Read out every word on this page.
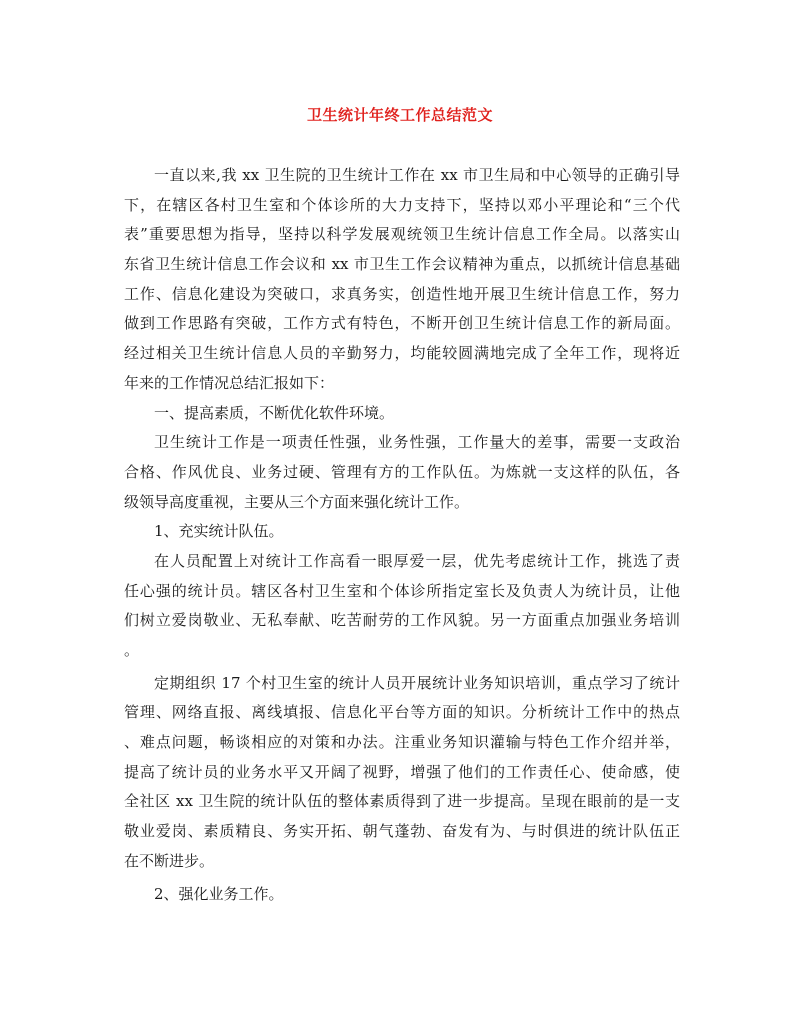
卫生统计年终工作总结范文
一直以来,我 xx 卫生院的卫生统计工作在 xx 市卫生局和中心领导的正确引导
下，在辖区各村卫生室和个体诊所的大力支持下，坚持以邓小平理论和“三个代
表”重要思想为指导，坚持以科学发展观统领卫生统计信息工作全局。以落实山
东省卫生统计信息工作会议和 xx 市卫生工作会议精神为重点，以抓统计信息基础
工作、信息化建设为突破口，求真务实，创造性地开展卫生统计信息工作，努力
做到工作思路有突破，工作方式有特色，不断开创卫生统计信息工作的新局面。
经过相关卫生统计信息人员的辛勤努力，均能较圆满地完成了全年工作，现将近
年来的工作情况总结汇报如下：
一、提高素质，不断优化软件环境。
卫生统计工作是一项责任性强，业务性强，工作量大的差事，需要一支政治
合格、作风优良、业务过硬、管理有方的工作队伍。为炼就一支这样的队伍，各
级领导高度重视，主要从三个方面来强化统计工作。
1、充实统计队伍。
在人员配置上对统计工作高看一眼厚爱一层，优先考虑统计工作，挑选了责
任心强的统计员。辖区各村卫生室和个体诊所指定室长及负责人为统计员，让他
们树立爱岗敬业、无私奉献、吃苦耐劳的工作风貌。另一方面重点加强业务培训
。
定期组织 17 个村卫生室的统计人员开展统计业务知识培训，重点学习了统计
管理、网络直报、离线填报、信息化平台等方面的知识。分析统计工作中的热点
、难点问题，畅谈相应的对策和办法。注重业务知识灌输与特色工作介绍并举，
提高了统计员的业务水平又开阔了视野，增强了他们的工作责任心、使命感，使
全社区 xx 卫生院的统计队伍的整体素质得到了进一步提高。呈现在眼前的是一支
敬业爱岗、素质精良、务实开拓、朝气蓬勃、奋发有为、与时俱进的统计队伍正
在不断进步。
2、强化业务工作。
